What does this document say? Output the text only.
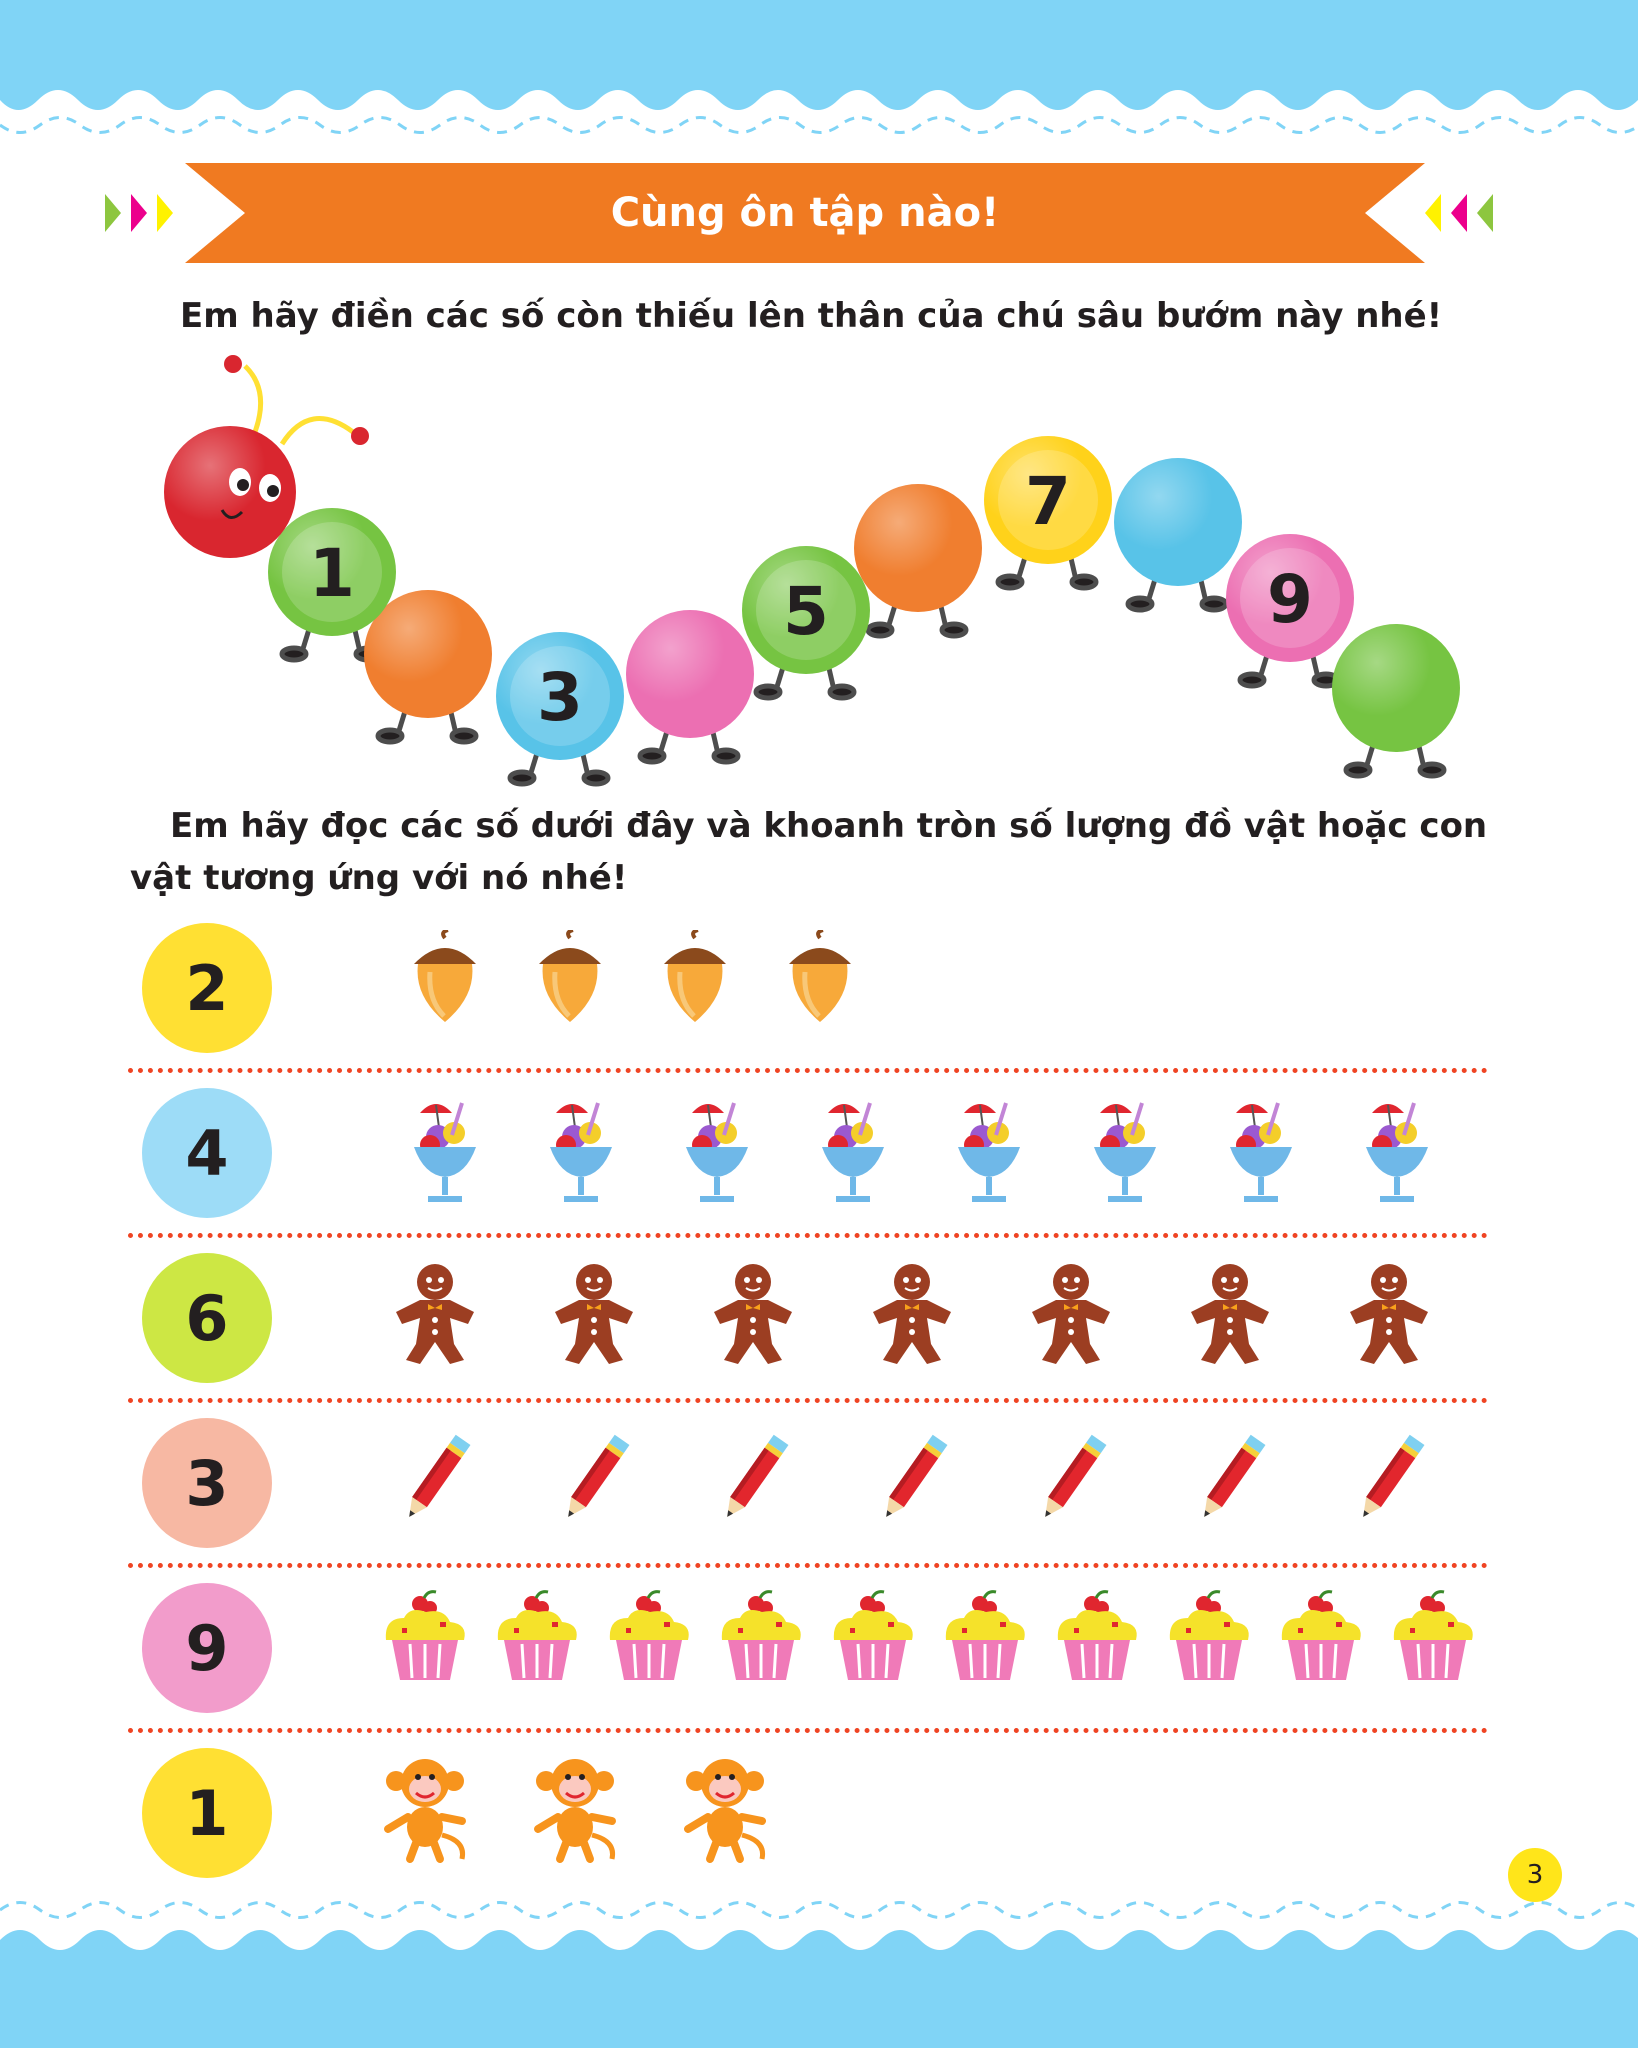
Cùng ôn tập nào!
Em hãy điền các số còn thiếu lên thân của chú sâu bướm này nhé!
9
7
5
3
1
Em hãy đọc các số dưới đây và khoanh tròn số lượng đồ vật hoặc con vật tương ứng với nó nhé!
2
4
6
3
9
1
3
